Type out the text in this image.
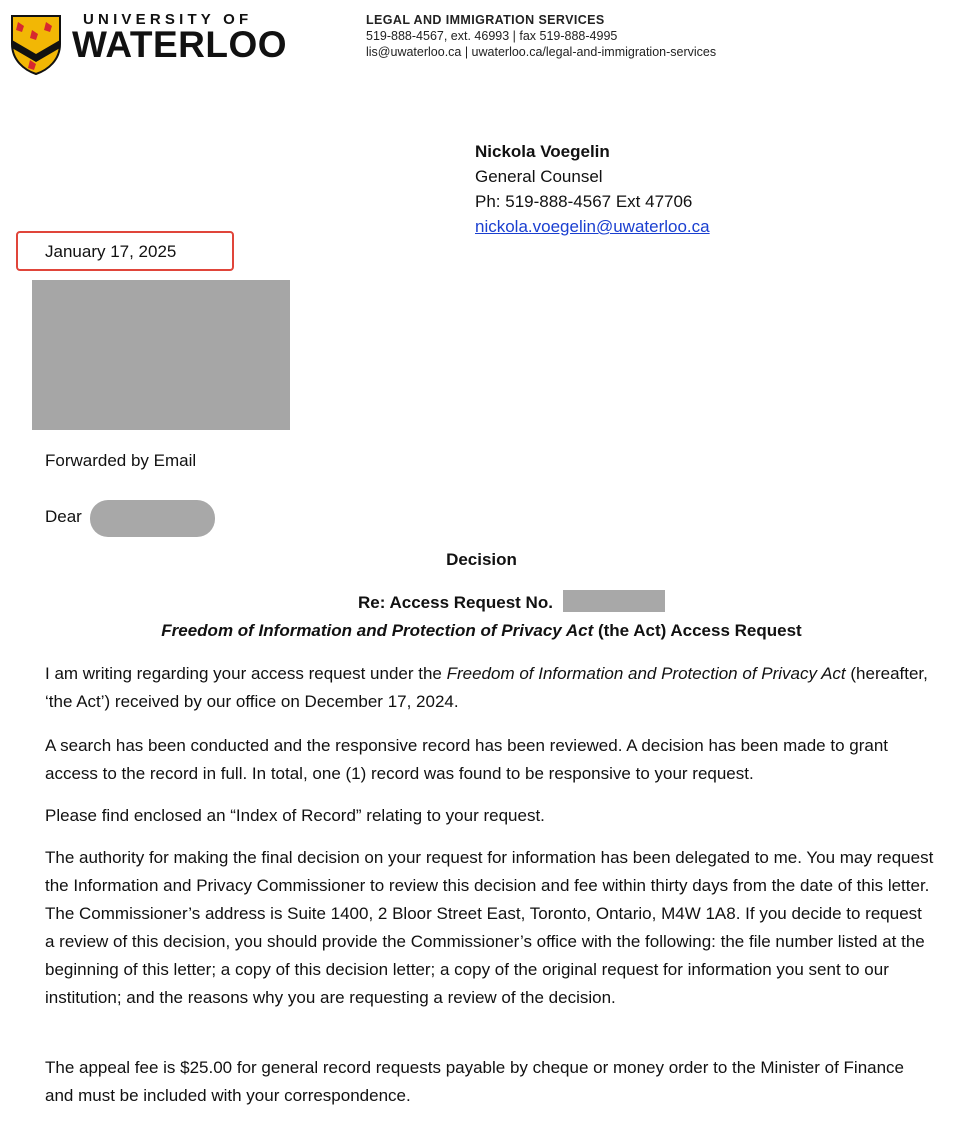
UNIVERSITY OF
WATERLOO
LEGAL AND IMMIGRATION SERVICES
519-888-4567, ext. 46993 | fax 519-888-4995
lis@uwaterloo.ca | uwaterloo.ca/legal-and-immigration-services
Nickola Voegelin
General Counsel
Ph: 519-888-4567 Ext 47706
nickola.voegelin@uwaterloo.ca
January 17, 2025
Forwarded by Email
Dear
Decision
Re: Access Request No.
Freedom of Information and Protection of Privacy Act (the Act) Access Request
I am writing regarding your access request under the Freedom of Information and Protection of Privacy Act (hereafter, ‘the Act’) received by our office on December 17, 2024.
A search has been conducted and the responsive record has been reviewed. A decision has been made to grant access to the record in full. In total, one (1) record was found to be responsive to your request.
Please find enclosed an “Index of Record” relating to your request.
The authority for making the final decision on your request for information has been delegated to me. You may request the Information and Privacy Commissioner to review this decision and fee within thirty days from the date of this letter. The Commissioner’s address is Suite 1400, 2 Bloor Street East, Toronto, Ontario, M4W 1A8. If you decide to request a review of this decision, you should provide the Commissioner’s office with the following: the file number listed at the beginning of this letter; a copy of this decision letter; a copy of the original request for information you sent to our institution; and the reasons why you are requesting a review of the decision.
The appeal fee is $25.00 for general record requests payable by cheque or money order to the Minister of Finance and must be included with your correspondence.
